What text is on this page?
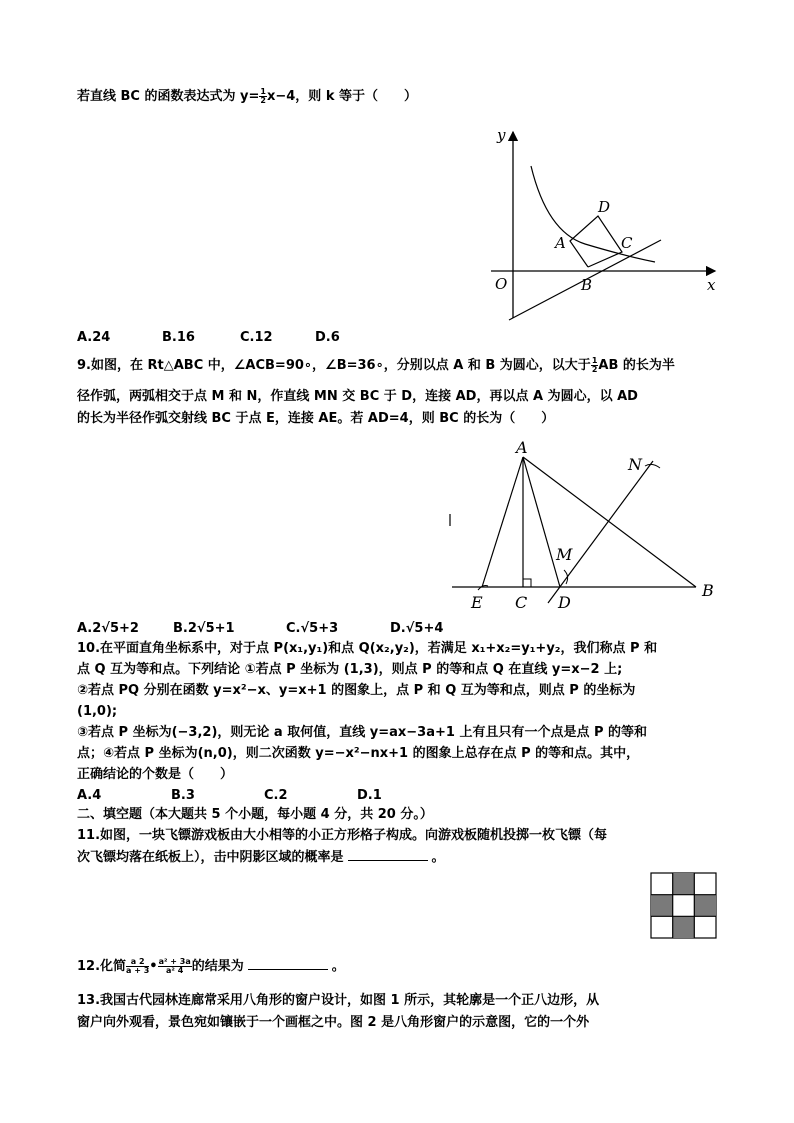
若直线 BC 的函数表达式为 $y= \frac{1}{2} x-4$，则 k 等于（　　）
y
x
O
A
B
C
D
A.24	B.16	C.12	D.6
9.如图，在 Rt△ABC 中，∠ACB=90∘，∠B=36∘，分别以点 A 和 B 为圆心，以大于 $\frac{1}{2}$ AB 的长为半
径作弧，两弧相交于点 M 和 N，作直线 MN 交 BC 于 D，连接 AD，再以点 A 为圆心，以 AD
的长为半径作弧交射线 BC 于点 E，连接 AE。若 AD=4，则 BC 的长为（　　）
A
N
M
E C D
B
A.2√5+2	B.2√5+1	C.√5+3	D.√5+4
10.在平面直角坐标系中，对于点 P(x₁,y₁)和点 Q(x₂,y₂)，若满足 x₁+x₂=y₁+y₂，我们称点 P 和
点 Q 互为等和点。下列结论 ①若点 P 坐标为 (1,3)，则点 P 的等和点 Q 在直线 y=x−2 上;
②若点 PQ 分别在函数 y=x²−x、y=x+1 的图象上，点 P 和 Q 互为等和点，则点 P 的坐标为
(1,0);
③若点 P 坐标为(−3,2)，则无论 a 取何值，直线 y=ax−3a+1 上有且只有一个点是点 P 的等和
点；④若点 P 坐标为(n,0)，则二次函数 y=−x²−nx+1 的图象上总存在点 P 的等和点。其中，
正确结论的个数是（　　）
A.4	B.3	C.2	D.1
二、填空题（本大题共 5 个小题，每小题 4 分，共 20 分。）
11.如图，一块飞镖游戏板由大小相等的小正方形格子构成。向游戏板随机投掷一枚飞镖（每
次飞镖均落在纸板上），击中阴影区域的概率是	。
12.化简 $\frac{a 2}{a + 3}$ • $\frac{\text{a² + 3a}}{\text{a² 4}}$ 的结果为	。
13.我国古代园林连廊常采用八角形的窗户设计，如图 1 所示，其轮廓是一个正八边形，从
窗户向外观看，景色宛如镶嵌于一个画框之中。图 2 是八角形窗户的示意图，它的一个外
